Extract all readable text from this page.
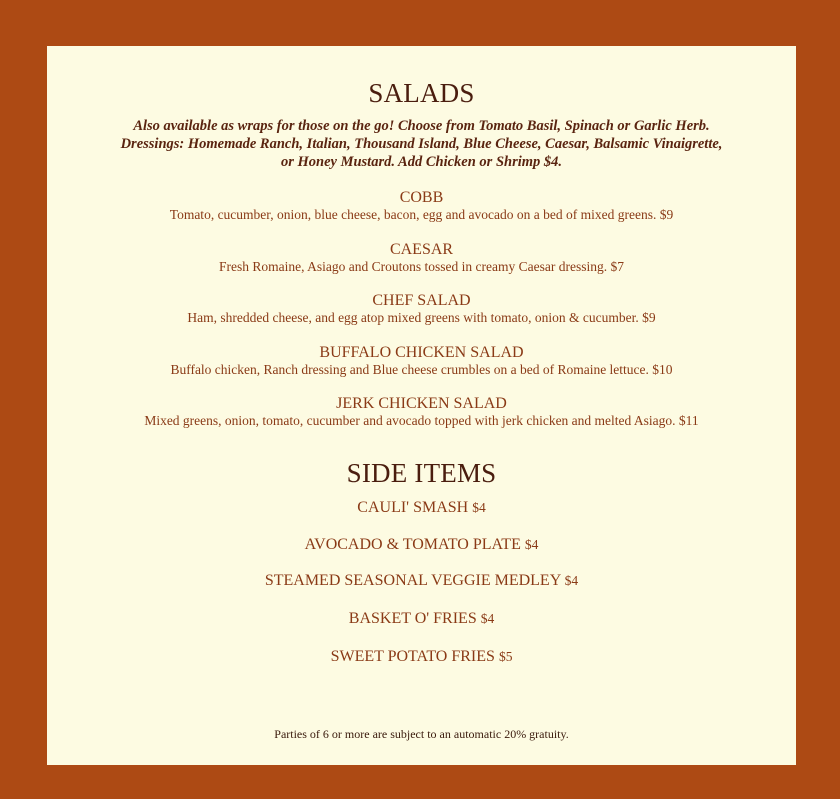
SALADS
Also available as wraps for those on the go! Choose from Tomato Basil, Spinach or Garlic Herb.
Dressings: Homemade Ranch, Italian, Thousand Island, Blue Cheese, Caesar, Balsamic Vinaigrette,
or Honey Mustard. Add Chicken or Shrimp $4.
COBB
Tomato, cucumber, onion, blue cheese, bacon, egg and avocado on a bed of mixed greens. $9
CAESAR
Fresh Romaine, Asiago and Croutons tossed in creamy Caesar dressing. $7
CHEF SALAD
Ham, shredded cheese, and egg atop mixed greens with tomato, onion & cucumber. $9
BUFFALO CHICKEN SALAD
Buffalo chicken, Ranch dressing and Blue cheese crumbles on a bed of Romaine lettuce. $10
JERK CHICKEN SALAD
Mixed greens, onion, tomato, cucumber and avocado topped with jerk chicken and melted Asiago. $11
SIDE ITEMS
CAULI' SMASH $4
AVOCADO & TOMATO PLATE $4
STEAMED SEASONAL VEGGIE MEDLEY $4
BASKET O' FRIES $4
SWEET POTATO FRIES $5
Parties of 6 or more are subject to an automatic 20% gratuity.
